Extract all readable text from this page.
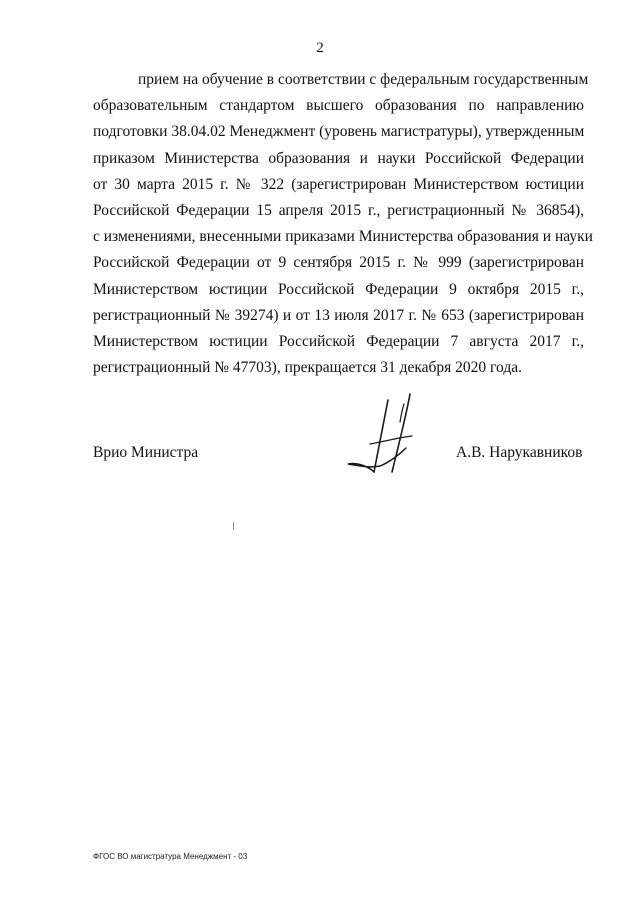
2
прием на обучение в соответствии с федеральным государственным
образовательным стандартом высшего образования по направлению
подготовки 38.04.02 Менеджмент (уровень магистратуры), утвержденным
приказом Министерства образования и науки Российской Федерации
от 30 марта 2015 г. № 322 (зарегистрирован Министерством юстиции
Российской Федерации 15 апреля 2015 г., регистрационный № 36854),
с изменениями, внесенными приказами Министерства образования и науки
Российской Федерации от 9 сентября 2015 г. № 999 (зарегистрирован
Министерством юстиции Российской Федерации 9 октября 2015 г.,
регистрационный № 39274) и от 13 июля 2017 г. № 653 (зарегистрирован
Министерством юстиции Российской Федерации 7 августа 2017 г.,
регистрационный № 47703), прекращается 31 декабря 2020 года.
Врио Министра	А.В. Нарукавников
ФГОС ВО магистратура Менеджмент - 03
